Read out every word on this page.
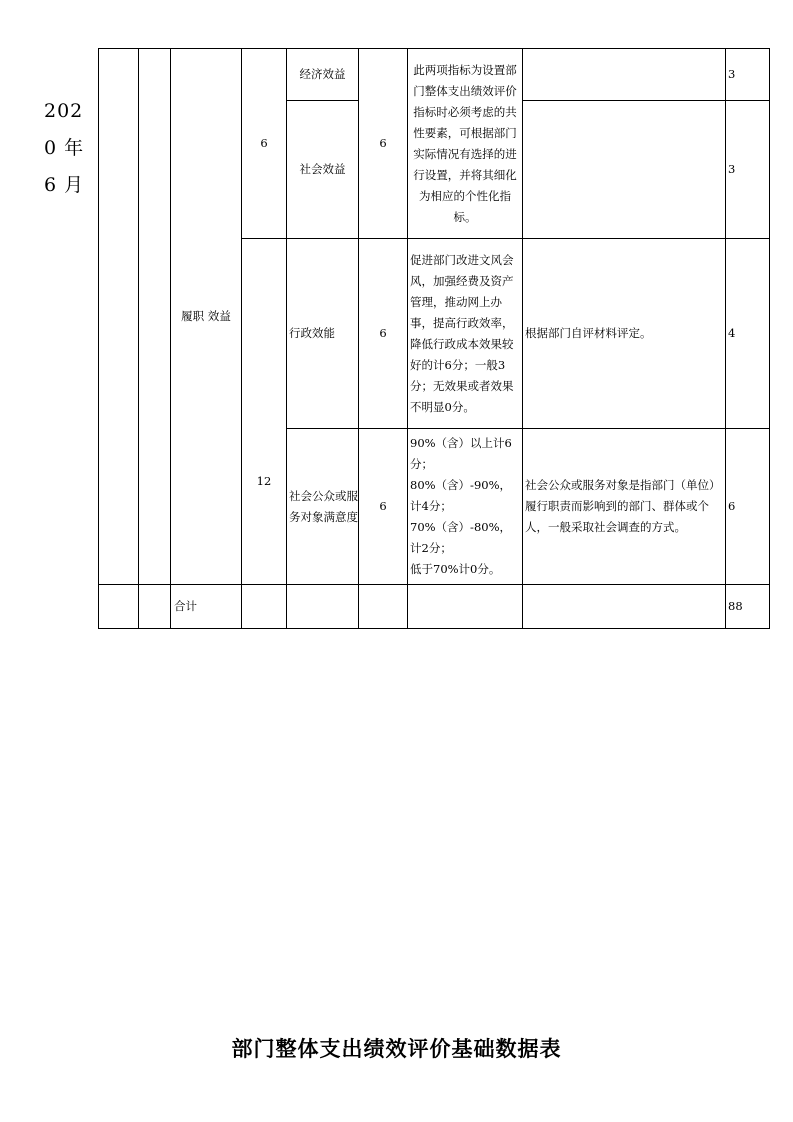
202
0 年
6 月
		履职 效益	6	经济效益	6	此两项指标为设置部门整体支出绩效评价指标时必须考虑的共性要素，可根据部门实际情况有选择的进行设置，并将其细化为相应的个性化指标。		3
				社会效益				3

			12	行政效能	6	促进部门改进文风会风，加强经费及资产管理，推动网上办事，提高行政效率，降低行政成本效果较好的计6分；一般3分；无效果或者效果不明显0分。	根据部门自评材料评定。	4
				社会公众或服务对象满意度	6	90%（含）以上计6分；
80%（含）-90%，计4分；
70%（含）-80%，计2分；
低于70%计0分。	社会公众或服务对象是指部门（单位）履行职责而影响到的部门、群体或个人，一般采取社会调查的方式。	6
		合计						88
部门整体支出绩效评价基础数据表
